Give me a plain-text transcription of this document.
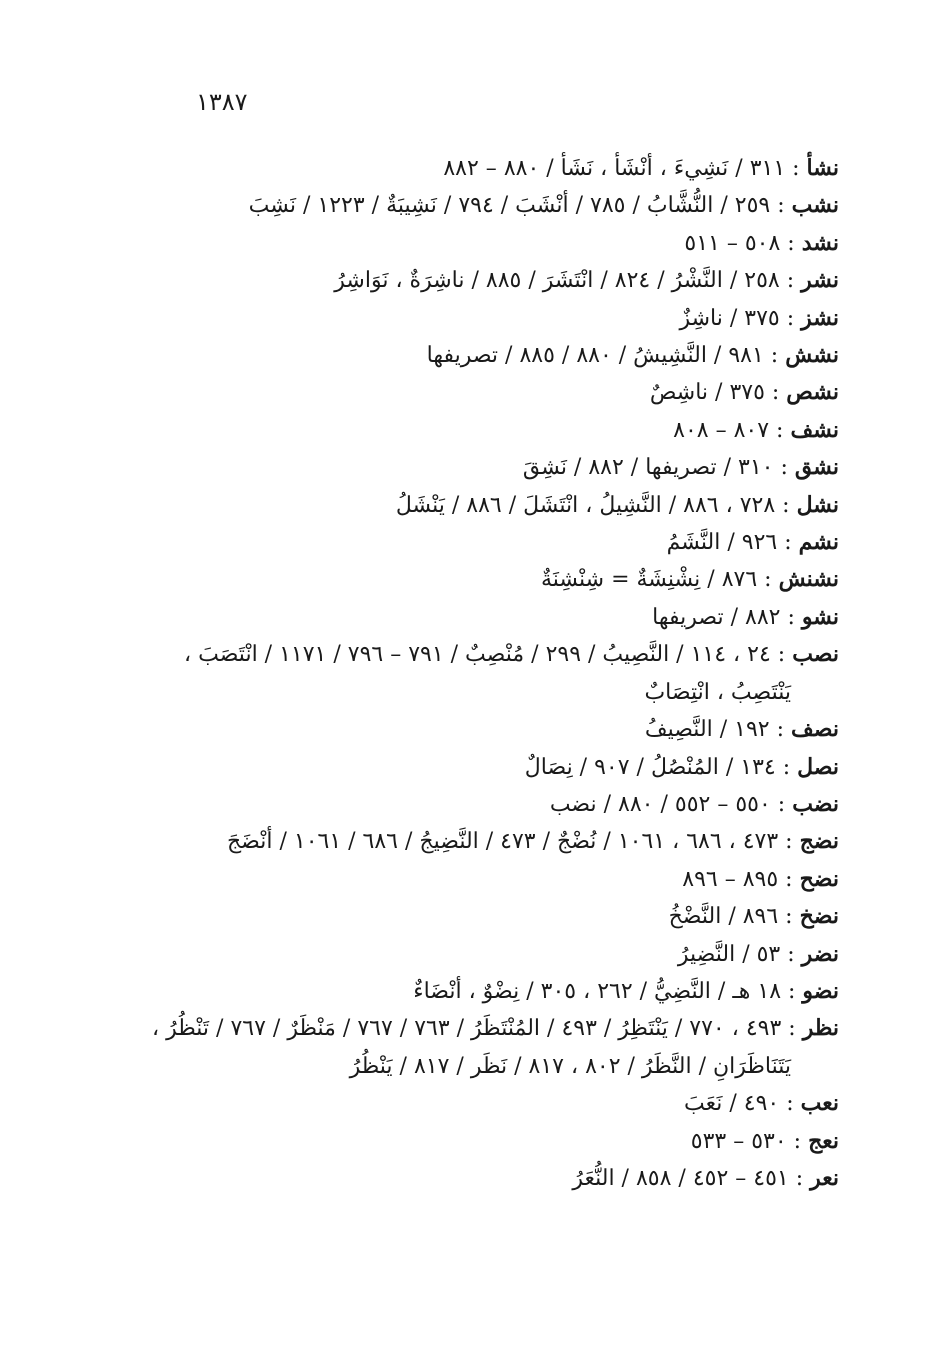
١٣٨٧
نشأ : ٣١١ / نَشِيءَ ، أنْشَأ ، نَشَأ / ٨٨٠ – ٨٨٢
نشب : ٢٥٩ / النُّشَّابُ / ٧٨٥ / أنْشَبَ / ٧٩٤ / نَشِيبَةٌ / ١٢٢٣ / نَشِبَ
نشد : ٥٠٨ – ٥١١
نشر : ٢٥٨ / النَّشْرُ / ٨٢٤ / انْتَشَرَ / ٨٨٥ / ناشِرَةٌ ، نَوَاشِرُ
نشز : ٣٧٥ / ناشِزٌ
نشش : ٩٨١ / النَّشِيشُ / ٨٨٠ / ٨٨٥ / تصريفها
نشص : ٣٧٥ / ناشِصٌ
نشف : ٨٠٧ – ٨٠٨
نشق : ٣١٠ / تصريفها / ٨٨٢ / نَشِقَ
نشل : ٧٢٨ ، ٨٨٦ / النَّشِيلُ ، انْتَشَلَ / ٨٨٦ / يَنْشَلُ
نشم : ٩٢٦ / النَّشَمُ
نشنش : ٨٧٦ / نِشْنِشَةٌ = شِنْشِنَةٌ
نشو : ٨٨٢ / تصريفها
نصب : ٢٤ ، ١١٤ / النَّصِيبُ / ٢٩٩ / مُنْصِبٌ / ٧٩١ – ٧٩٦ / ١١٧١ / انْتَصَبَ ،
يَنْتَصِبُ ، انْتِصَابٌ
نصف : ١٩٢ / النَّصِيفُ
نصل : ١٣٤ / المُنْصُلُ / ٩٠٧ / نِصَالٌ
نضب : ٥٥٠ – ٥٥٢ / ٨٨٠ / نضب
نضج : ٤٧٣ ، ٦٨٦ ، ١٠٦١ / نُضْجٌ / ٤٧٣ / النَّضِيجُ / ٦٨٦ / ١٠٦١ / أنْضَجَ
نضح : ٨٩٥ – ٨٩٦
نضخ : ٨٩٦ / النَّضْخُ
نضر : ٥٣ / النَّضِيرُ
نضو : ١٨ هـ / النَّضِيُّ / ٢٦٢ ، ٣٠٥ / نِضْوٌ ، أنْضَاءٌ
نظر : ٤٩٣ ، ٧٧٠ / يَنْتَظِرُ / ٤٩٣ / المُنْتَظَرُ / ٧٦٣ / ٧٦٧ / مَنْظَرٌ / ٧٦٧ / تَنْظُرُ ،
يَتَنَاظَرَانِ / النَّظَرُ / ٨٠٢ ، ٨١٧ / نَظَر / ٨١٧ / يَنْظُرُ
نعب : ٤٩٠ / نَعَبَ
نعج : ٥٣٠ – ٥٣٣
نعر : ٤٥١ – ٤٥٢ / ٨٥٨ / النُّعَرُ
